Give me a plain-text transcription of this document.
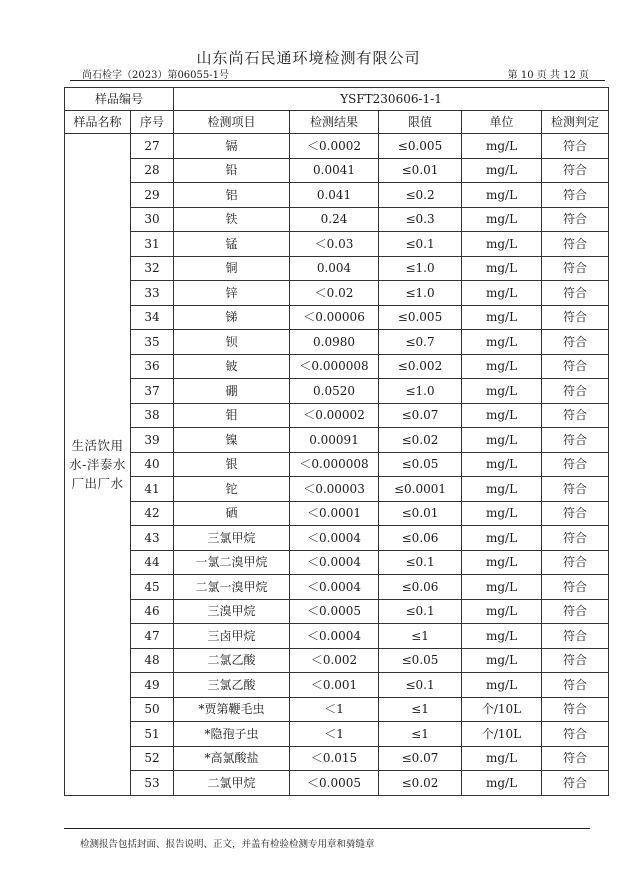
山东尚石民通环境检测有限公司
尚石检字（2023）第06055-1号	第 10 页 共 12 页
样品编号		YSFT230606-1-1				
样品名称	序号	检测项目	检测结果	限值	单位	检测判定
生活饮用水-泮泰水厂出厂水	27	镉	＜0.0002	≤0.005	mg/L	符合
	28	铅	0.0041	≤0.01	mg/L	符合
	29	铝	0.041	≤0.2	mg/L	符合
	30	铁	0.24	≤0.3	mg/L	符合
	31	锰	＜0.03	≤0.1	mg/L	符合
	32	铜	0.004	≤1.0	mg/L	符合
	33	锌	＜0.02	≤1.0	mg/L	符合
	34	锑	＜0.00006	≤0.005	mg/L	符合
	35	钡	0.0980	≤0.7	mg/L	符合
	36	铍	＜0.000008	≤0.002	mg/L	符合
	37	硼	0.0520	≤1.0	mg/L	符合
	38	钼	＜0.00002	≤0.07	mg/L	符合
	39	镍	0.00091	≤0.02	mg/L	符合
	40	银	＜0.000008	≤0.05	mg/L	符合
	41	铊	＜0.00003	≤0.0001	mg/L	符合
	42	硒	＜0.0001	≤0.01	mg/L	符合
	43	三氯甲烷	＜0.0004	≤0.06	mg/L	符合
	44	一氯二溴甲烷	＜0.0004	≤0.1	mg/L	符合
	45	二氯一溴甲烷	＜0.0004	≤0.06	mg/L	符合
	46	三溴甲烷	＜0.0005	≤0.1	mg/L	符合
	47	三卤甲烷	＜0.0004	≤1	mg/L	符合
	48	二氯乙酸	＜0.002	≤0.05	mg/L	符合
	49	三氯乙酸	＜0.001	≤0.1	mg/L	符合
	50	*贾第鞭毛虫	＜1	≤1	个/10L	符合
	51	*隐孢子虫	＜1	≤1	个/10L	符合
	52	*高氯酸盐	＜0.015	≤0.07	mg/L	符合
	53	二氯甲烷	＜0.0005	≤0.02	mg/L	符合
检测报告包括封面、报告说明、正文，并盖有检验检测专用章和骑缝章
